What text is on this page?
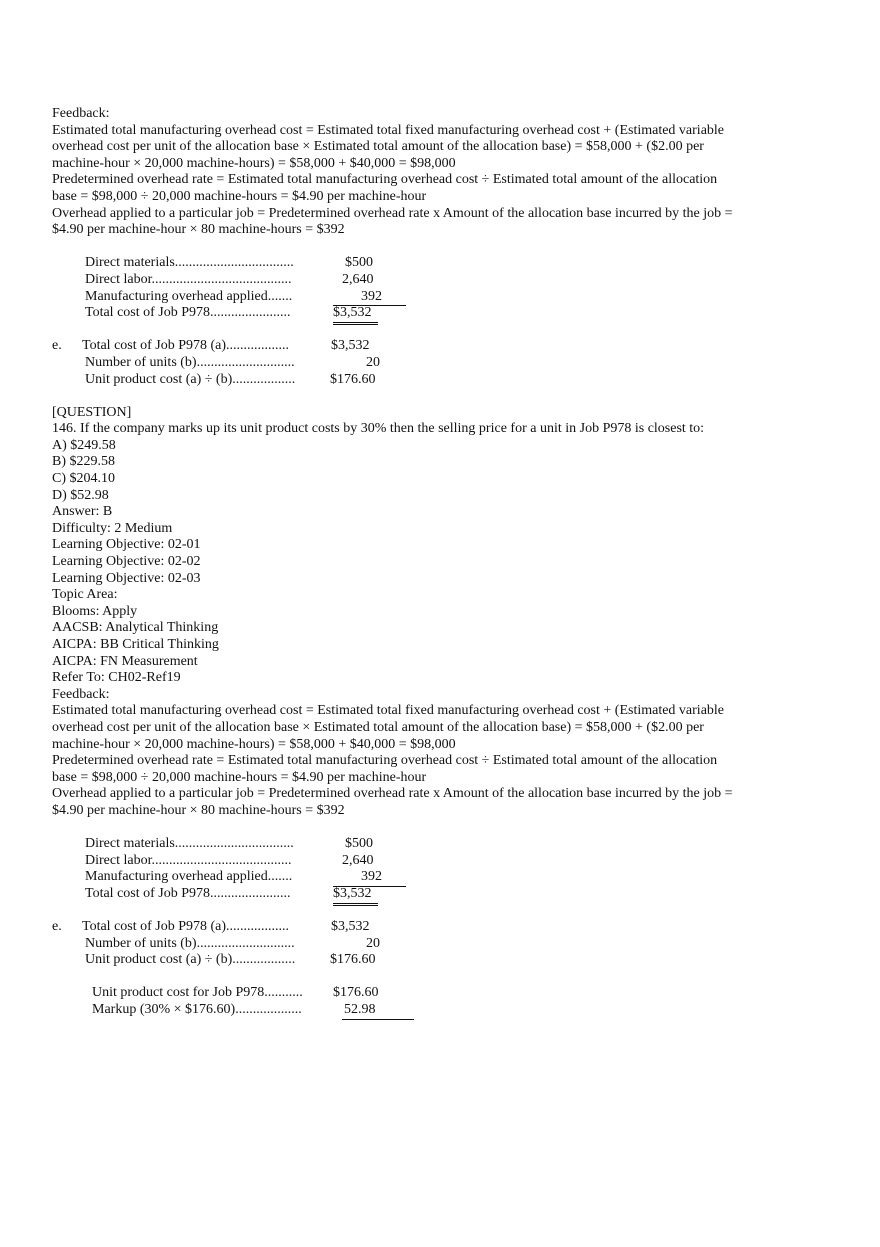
Feedback:

Estimated total manufacturing overhead cost = Estimated total fixed manufacturing overhead cost + (Estimated variable

overhead cost per unit of the allocation base × Estimated total amount of the allocation base) = $58,000 + ($2.00 per

machine-hour × 20,000 machine-hours) = $58,000 + $40,000 = $98,000

Predetermined overhead rate = Estimated total manufacturing overhead cost ÷ Estimated total amount of the allocation

base = $98,000 ÷ 20,000 machine-hours = $4.90 per machine-hour

Overhead applied to a particular job = Predetermined overhead rate x Amount of the allocation base incurred by the job =

$4.90 per machine-hour × 80 machine-hours = $392

Direct materials..................................	$500
Direct labor........................................	2,640
Manufacturing overhead applied.......	392
Total cost of Job P978.......................	$3,532
e. Total cost of Job P978 (a)..................	$3,532
Number of units (b)............................	20
Unit product cost (a) ÷ (b).................. $176.60

[QUESTION]

146. If the company marks up its unit product costs by 30% then the selling price for a unit in Job P978 is closest to:

A) $249.58

B) $229.58

C) $204.10

D) $52.98

Answer: B

Difficulty: 2 Medium

Learning Objective: 02-01

Learning Objective: 02-02

Learning Objective: 02-03

Topic Area:

Blooms: Apply

AACSB: Analytical Thinking

AICPA: BB Critical Thinking

AICPA: FN Measurement

Refer To: CH02-Ref19

Feedback:

Estimated total manufacturing overhead cost = Estimated total fixed manufacturing overhead cost + (Estimated variable

overhead cost per unit of the allocation base × Estimated total amount of the allocation base) = $58,000 + ($2.00 per

machine-hour × 20,000 machine-hours) = $58,000 + $40,000 = $98,000

Predetermined overhead rate = Estimated total manufacturing overhead cost ÷ Estimated total amount of the allocation

base = $98,000 ÷ 20,000 machine-hours = $4.90 per machine-hour

Overhead applied to a particular job = Predetermined overhead rate x Amount of the allocation base incurred by the job =

$4.90 per machine-hour × 80 machine-hours = $392

Direct materials..................................	$500
Direct labor........................................	2,640
Manufacturing overhead applied.......	392
Total cost of Job P978.......................	$3,532
e. Total cost of Job P978 (a)..................	$3,532
Number of units (b)............................	20
Unit product cost (a) ÷ (b).................. $176.60
Unit product cost for Job P978........... $176.60
Markup (30% × $176.60)...................	52.98
